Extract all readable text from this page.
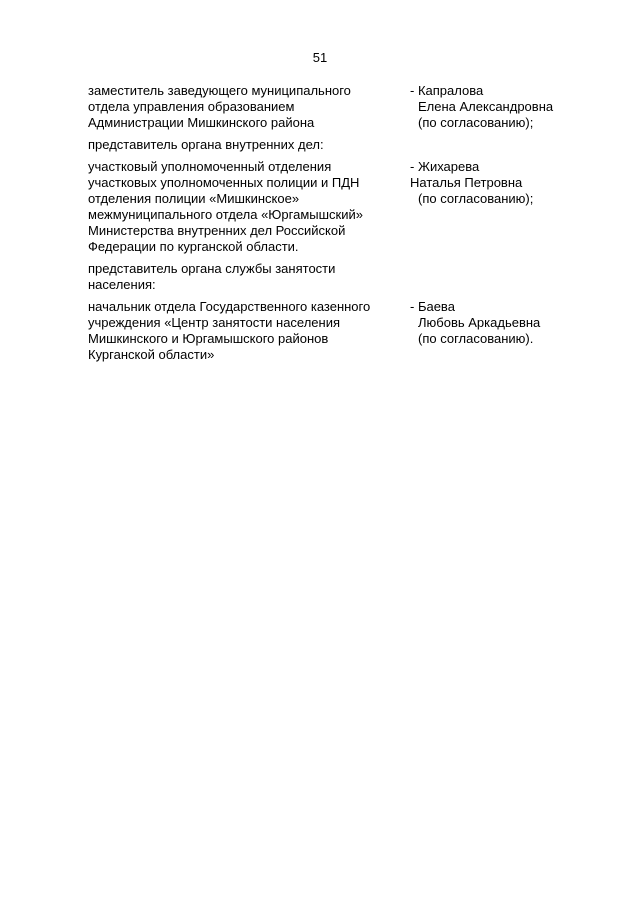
51
заместитель заведующего муниципального
отдела управления образованием
Администрации Мишкинского района
- Капралова
Елена Александровна
(по согласованию);
представитель органа внутренних дел:
участковый уполномоченный отделения
участковых уполномоченных полиции и ПДН
отделения полиции «Мишкинское»
межмуниципального отдела «Юргамышский»
Министерства внутренних дел Российской
Федерации по курганской области.
- Жихарева
Наталья Петровна
(по согласованию);
представитель органа службы занятости
населения:
начальник отдела Государственного казенного
учреждения «Центр занятости населения
Мишкинского и Юргамышского районов
Курганской области»
- Баева
Любовь Аркадьевна
(по согласованию).
